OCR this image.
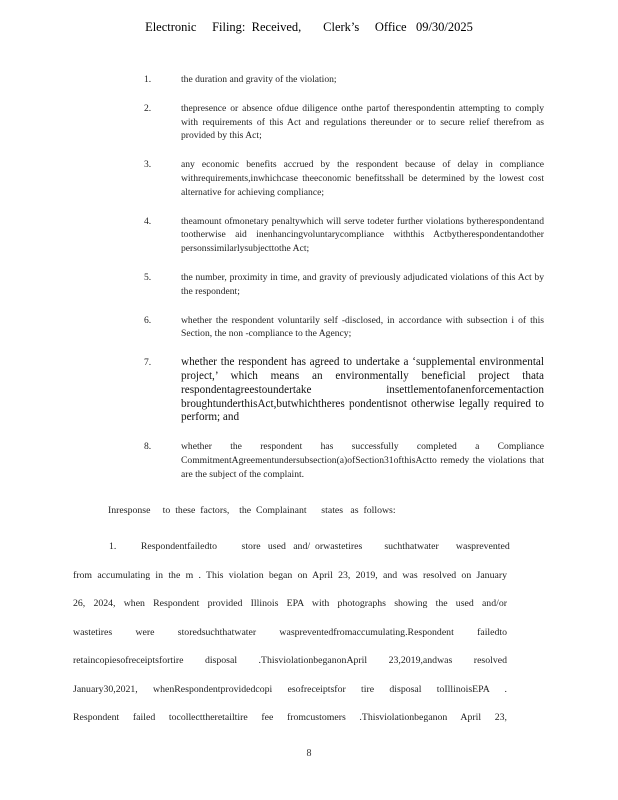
Electronic     Filing:  Received,       Clerk’s     Office   09/30/2025
1.	the duration and gravity of the violation;
2.	thepresence or absence ofdue diligence onthe partof therespondentin attempting to comply with requirements of this Act and regulations thereunder or to secure relief therefrom as provided by this Act;
3.	any economic benefits accrued by the respondent because of delay in compliance withrequirements,inwhichcase theeconomic benefitsshall be determined by the lowest cost alternative for achieving compliance;
4.	theamount ofmonetary penaltywhich will serve todeter further violations bytherespondentand tootherwise aid inenhancingvoluntarycompliance withthis Actbytherespondentandother personssimilarlysubjecttothe Act;
5.	the number, proximity in time, and gravity of previously adjudicated violations of this Act by the respondent;
6.	whether the respondent voluntarily self -disclosed, in accordance with subsection i of this Section, the non -compliance to the Agency;
7.	whether the respondent has agreed to undertake a ‘supplemental environmental project,’ which means an environmentally beneficial project thata respondentagreestoundertake insettlementofanenforcementaction broughtunderthisAct,butwhichtheres pondentisnot otherwise legally required to perform; and
8.	whether the respondent has successfully completed a Compliance CommitmentAgreementundersubsection(a)ofSection31ofthisActto remedy the violations that are the subject of the complaint.
Inresponse     to  these  factors,    the  Complainant      states   as  follows:

1.          Respondentfailedto          store   used   and/  orwastetires         suchthatwater       wasprevented

from accumulating in the m . This violation began on April 23, 2019, and was resolved on January

26, 2024, when Respondent provided Illinois EPA with photographs showing the used and/or

wastetires were storedsuchthatwater waspreventedfromaccumulating.Respondent failedto

retaincopiesofreceiptsfortire disposal .ThisviolationbeganonApril 23,2019,andwas resolved

January30,2021, whenRespondentprovidedcopi esofreceiptsfor tire disposal toIllinoisEPA .

Respondent failed tocollecttheretailtire fee fromcustomers .Thisviolationbeganon April 23,

8
